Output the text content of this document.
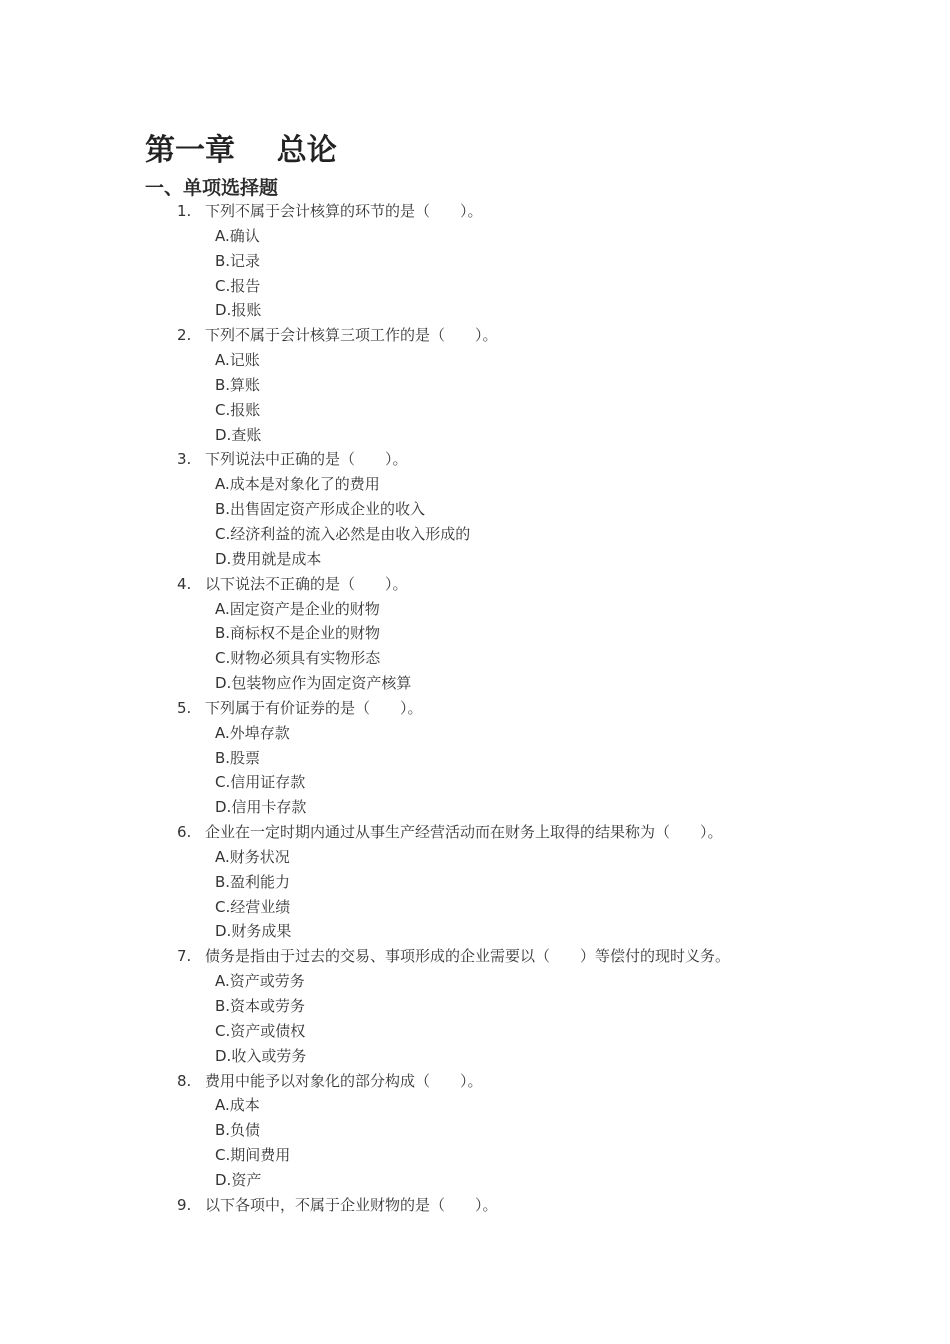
第一章    总论
一、单项选择题
1. 下列不属于会计核算的环节的是（　　）。
A.确认
B.记录
C.报告
D.报账
2. 下列不属于会计核算三项工作的是（　　）。
A.记账
B.算账
C.报账
D.查账
3. 下列说法中正确的是（　　）。
A.成本是对象化了的费用
B.出售固定资产形成企业的收入
C.经济利益的流入必然是由收入形成的
D.费用就是成本
4. 以下说法不正确的是（　　）。
A.固定资产是企业的财物
B.商标权不是企业的财物
C.财物必须具有实物形态
D.包装物应作为固定资产核算
5. 下列属于有价证券的是（　　）。
A.外埠存款
B.股票
C.信用证存款
D.信用卡存款
6. 企业在一定时期内通过从事生产经营活动而在财务上取得的结果称为（　　）。
A.财务状况
B.盈利能力
C.经营业绩
D.财务成果
7. 债务是指由于过去的交易、事项形成的企业需要以（　　）等偿付的现时义务。
A.资产或劳务
B.资本或劳务
C.资产或债权
D.收入或劳务
8. 费用中能予以对象化的部分构成（　　）。
A.成本
B.负债
C.期间费用
D.资产
9. 以下各项中，不属于企业财物的是（　　）。
